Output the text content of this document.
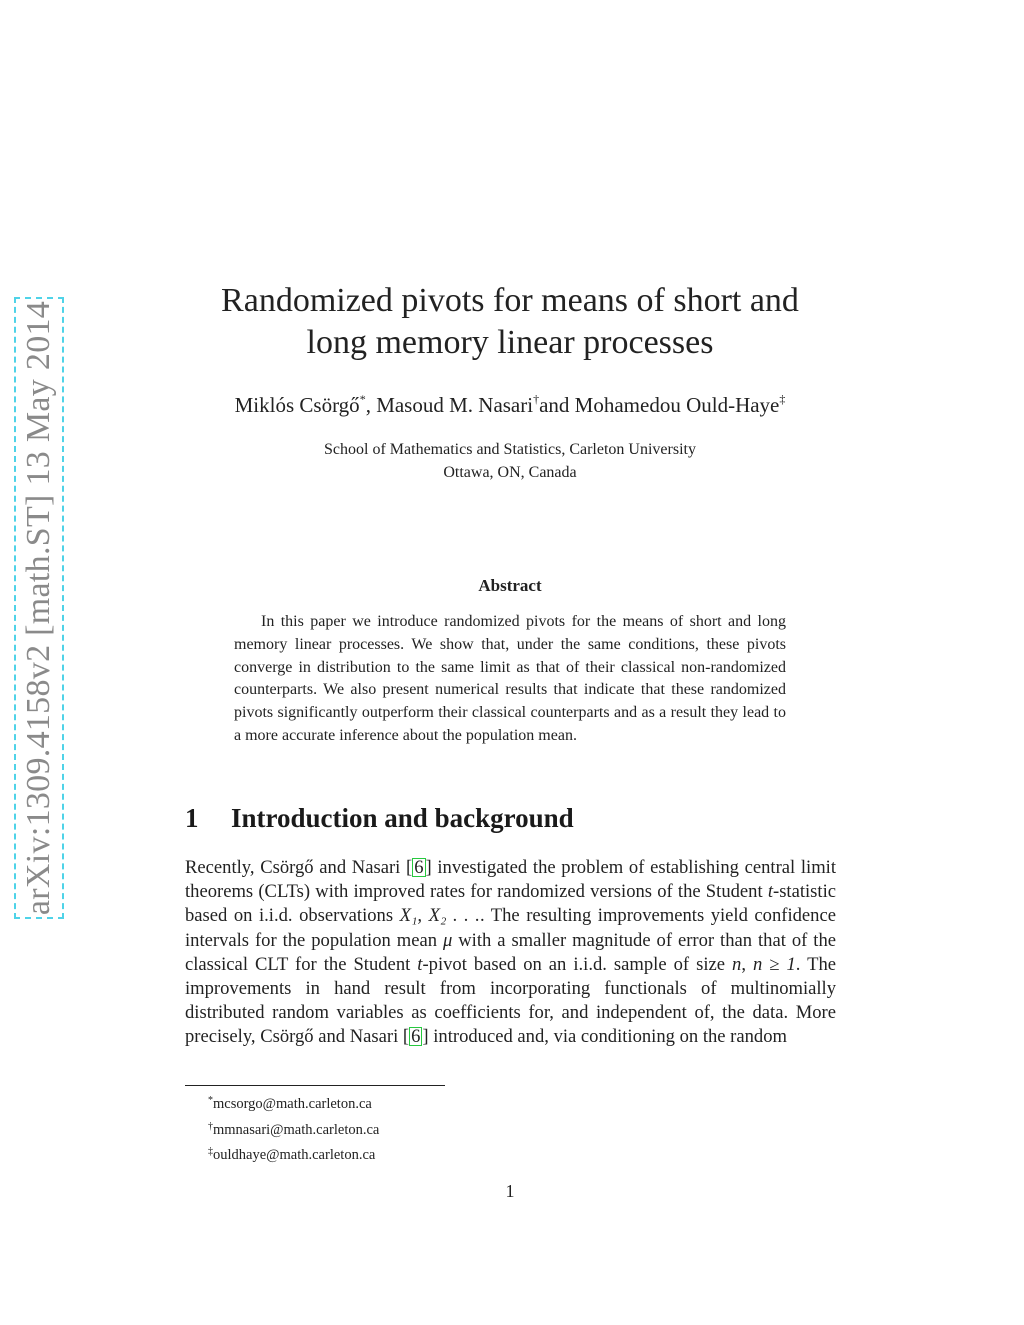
arXiv:1309.4158v2 [math.ST] 13 May 2014
Randomized pivots for means of short and
long memory linear processes
Miklós Csörgő*, Masoud M. Nasari†and Mohamedou Ould-Haye‡
School of Mathematics and Statistics, Carleton University
Ottawa, ON, Canada
Abstract
In this paper we introduce randomized pivots for the means of short and long memory linear processes. We show that, under the same conditions, these pivots converge in distribution to the same limit as that of their classical non-randomized counterparts. We also present numerical results that indicate that these randomized pivots significantly outperform their classical counterparts and as a result they lead to a more accurate inference about the population mean.
1 Introduction and background
Recently, Csörgő and Nasari [ 6 ] investigated the problem of establishing central limit theorems (CLTs) with improved rates for randomized versions of the Student t-statistic based on i.i.d. observations X₁, X₂ . . .. The resulting improvements yield confidence intervals for the population mean μ with a smaller magnitude of error than that of the classical CLT for the Student t-pivot based on an i.i.d. sample of size n, n ≥ 1. The improvements in hand result from incorporating functionals of multinomially distributed random variables as coefficients for, and independent of, the data. More precisely, Csörgő and Nasari [ 6 ] introduced and, via conditioning on the random
*mcsorgo@math.carleton.ca
†mmnasari@math.carleton.ca
‡ouldhaye@math.carleton.ca
1
